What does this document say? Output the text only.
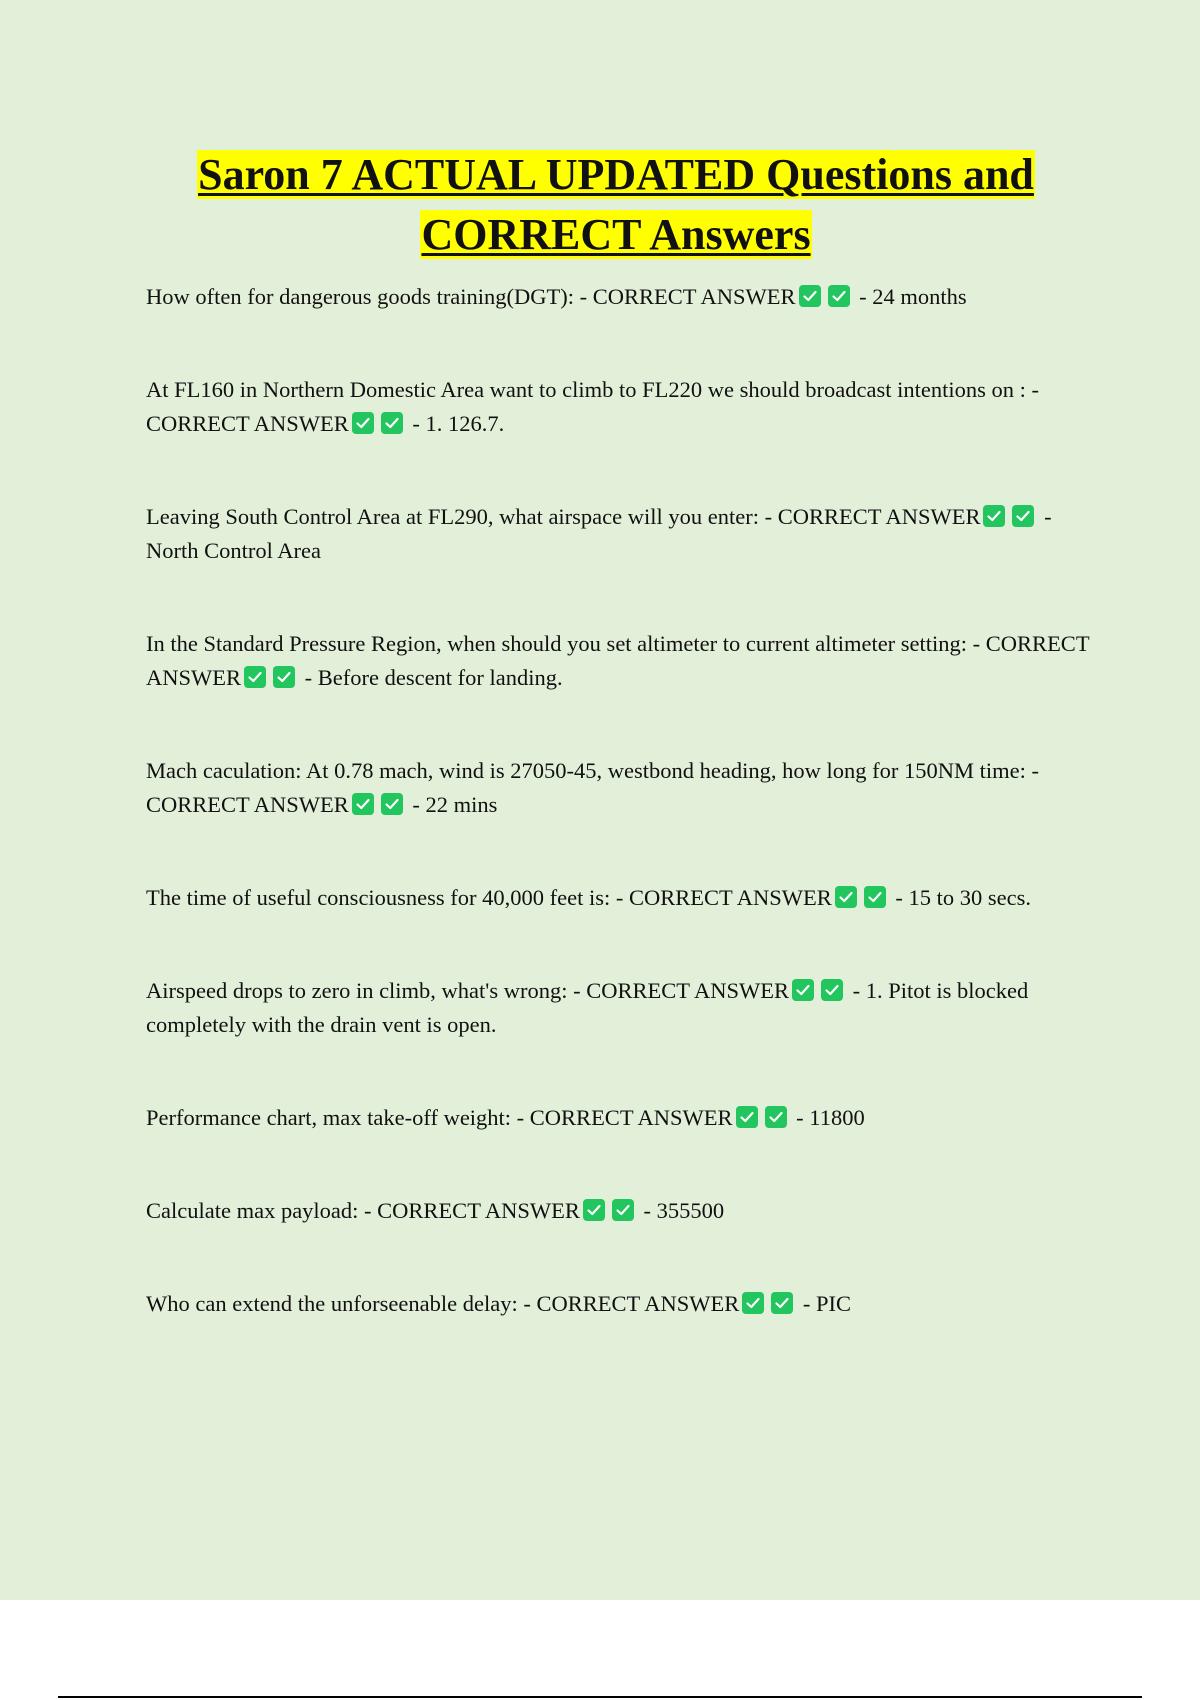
Saron 7 ACTUAL UPDATED Questions and
CORRECT Answers

How often for dangerous goods training(DGT): - CORRECT ANSWER	- 24 months

At FL160 in Northern Domestic Area want to climb to FL220 we should broadcast intentions on : - CORRECT ANSWER	- 1. 126.7.

Leaving South Control Area at FL290, what airspace will you enter: - CORRECT ANSWER	- North Control Area

In the Standard Pressure Region, when should you set altimeter to current altimeter setting: - CORRECT ANSWER	- Before descent for landing.

Mach caculation: At 0.78 mach, wind is 27050-45, westbond heading, how long for 150NM time: - CORRECT ANSWER	- 22 mins

The time of useful consciousness for 40,000 feet is: - CORRECT ANSWER	- 15 to 30 secs.

Airspeed drops to zero in climb, what's wrong: - CORRECT ANSWER	- 1. Pitot is blocked completely with the drain vent is open.

Performance chart, max take-off weight: - CORRECT ANSWER	- 11800

Calculate max payload: - CORRECT ANSWER	- 355500

Who can extend the unforseenable delay: - CORRECT ANSWER	- PIC
